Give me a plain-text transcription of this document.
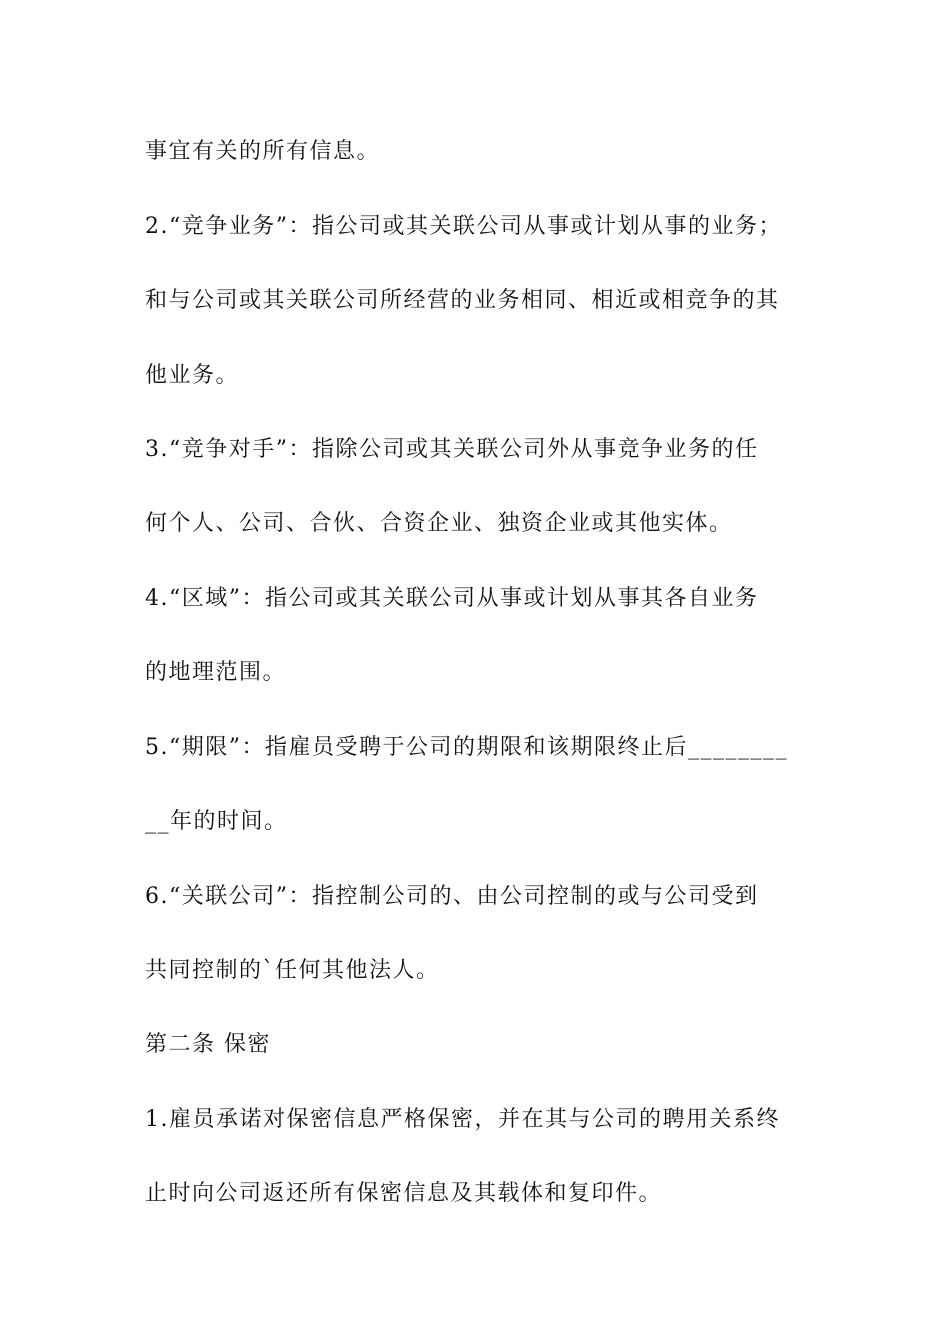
事宜有关的所有信息。
2.“竞争业务”：指公司或其关联公司从事或计划从事的业务；
和与公司或其关联公司所经营的业务相同、相近或相竞争的其
他业务。
3.“竞争对手”：指除公司或其关联公司外从事竞争业务的任
何个人、公司、合伙、合资企业、独资企业或其他实体。
4.“区域”：指公司或其关联公司从事或计划从事其各自业务
的地理范围。
5.“期限”：指雇员受聘于公司的期限和该期限终止后________
__年的时间。
6.“关联公司”：指控制公司的、由公司控制的或与公司受到
共同控制的`任何其他法人。
第二条 保密
1.雇员承诺对保密信息严格保密，并在其与公司的聘用关系终
止时向公司返还所有保密信息及其载体和复印件。
